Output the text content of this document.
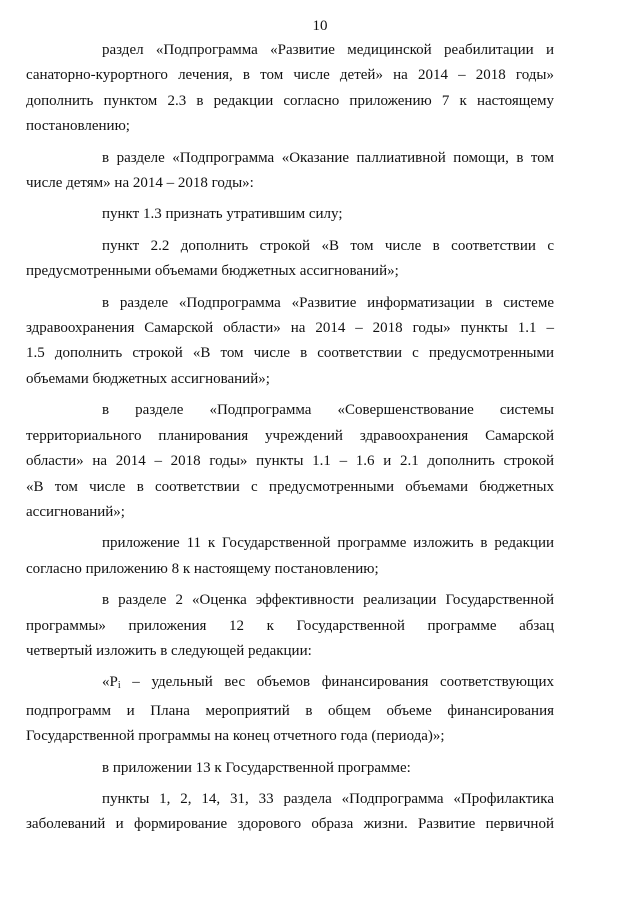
10

раздел «Подпрограмма «Развитие медицинской реабилитации и
санаторно-курортного лечения, в том числе детей» на 2014 – 2018 годы»
дополнить пунктом 2.3 в редакции согласно приложению 7 к настоящему
постановлению;

в разделе «Подпрограмма «Оказание паллиативной помощи, в том
числе детям» на 2014 – 2018 годы»:

пункт 1.3 признать утратившим силу;

пункт 2.2 дополнить строкой «В том числе в соответствии с
предусмотренными объемами бюджетных ассигнований»;

в разделе «Подпрограмма «Развитие информатизации в системе
здравоохранения Самарской области» на 2014 – 2018 годы» пункты 1.1 –
1.5 дополнить строкой «В том числе в соответствии с предусмотренными
объемами бюджетных ассигнований»;

в разделе «Подпрограмма «Совершенствование системы
территориального планирования учреждений здравоохранения Самарской
области» на 2014 – 2018 годы» пункты 1.1 – 1.6 и 2.1 дополнить строкой
«В том числе в соответствии с предусмотренными объемами бюджетных
ассигнований»;

приложение 11 к Государственной программе изложить в редакции
согласно приложению 8 к настоящему постановлению;

в разделе 2 «Оценка эффективности реализации Государственной
программы» приложения 12 к Государственной программе абзац
четвертый изложить в следующей редакции:

«$P_i$ – удельный вес объемов финансирования соответствующих
подпрограмм и Плана мероприятий в общем объеме финансирования
Государственной программы на конец отчетного года (периода)»;

в приложении 13 к Государственной программе:

пункты 1, 2, 14, 31, 33 раздела «Подпрограмма «Профилактика
заболеваний и формирование здорового образа жизни. Развитие первичной
